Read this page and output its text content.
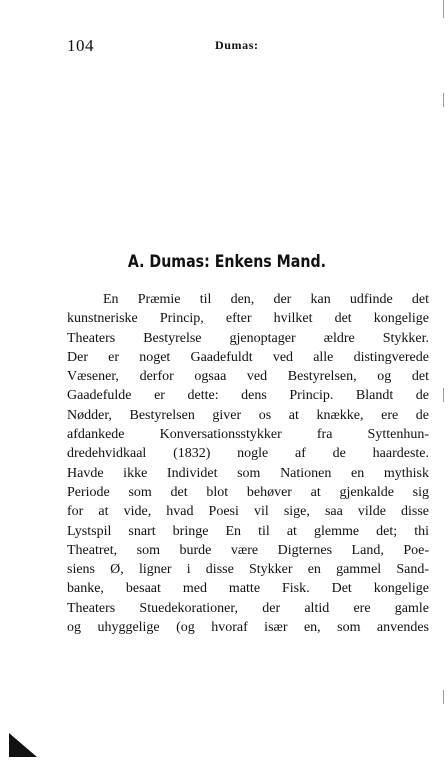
104	Dumas:
A. Dumas: Enkens Mand.
En Præmie til den, der kan udfinde det
kunstneriske Princip, efter hvilket det kongelige
Theaters Bestyrelse gjenoptager ældre Stykker.
Der er noget Gaadefuldt ved alle distingverede
Væsener, derfor ogsaa ved Bestyrelsen, og det
Gaadefulde er dette: dens Princip. Blandt de
Nødder, Bestyrelsen giver os at knække, ere de
afdankede Konversationsstykker fra Syttenhun-
dredehvidkaal (1832) nogle af de haardeste.
Havde ikke Individet som Nationen en mythisk
Periode som det blot behøver at gjenkalde sig
for at vide, hvad Poesi vil sige, saa vilde disse
Lystspil snart bringe En til at glemme det; thi
Theatret, som burde være Digternes Land, Poe-
siens Ø, ligner i disse Stykker en gammel Sand-
banke, besaat med matte Fisk. Det kongelige
Theaters Stuedekorationer, der altid ere gamle
og uhyggelige (og hvoraf især en, som anvendes
